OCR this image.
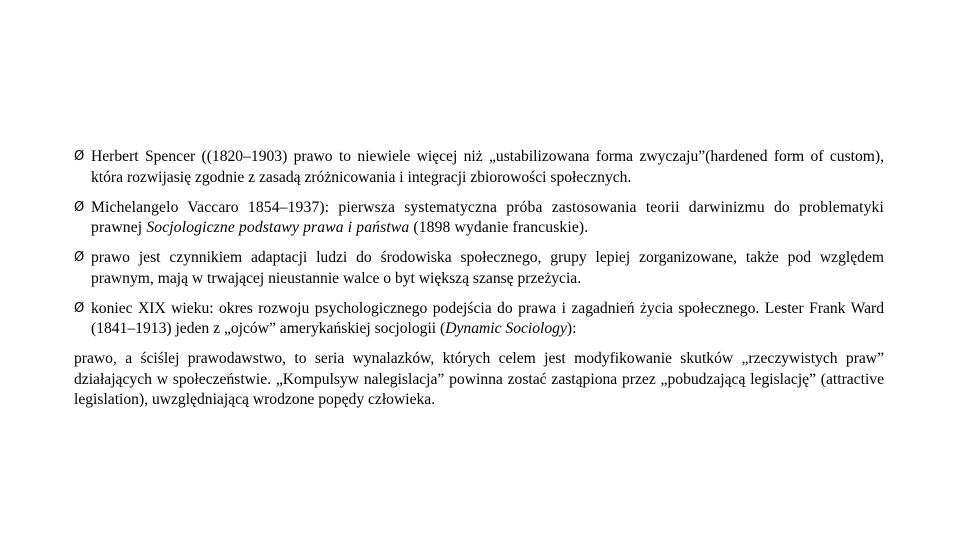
Ø Herbert Spencer ((1820–1903) prawo to niewiele więcej niż „ustabilizowana forma zwyczaju”(hardened form of custom), która rozwijasię zgodnie z zasadą zróżnicowania i integracji zbiorowości społecznych.
Ø Michelangelo Vaccaro 1854–1937): pierwsza systematyczna próba zastosowania teorii darwinizmu do problematyki prawnej Socjologiczne podstawy prawa i państwa (1898 wydanie francuskie).
Ø prawo jest czynnikiem adaptacji ludzi do środowiska społecznego, grupy lepiej zorganizowane, także pod względem prawnym, mają w trwającej nieustannie walce o byt większą szansę przeżycia.
Ø koniec XIX wieku: okres rozwoju psychologicznego podejścia do prawa i zagadnień życia społecznego. Lester Frank Ward (1841–1913) jeden z „ojców” amerykańskiej socjologii (Dynamic Sociology):
prawo, a ściślej prawodawstwo, to seria wynalazków, których celem jest modyfikowanie skutków „rzeczywistych praw” działających w społeczeństwie. „Kompulsyw nalegislacja” powinna zostać zastąpiona przez „pobudzającą legislację” (attractive legislation), uwzględniającą wrodzone popędy człowieka.
